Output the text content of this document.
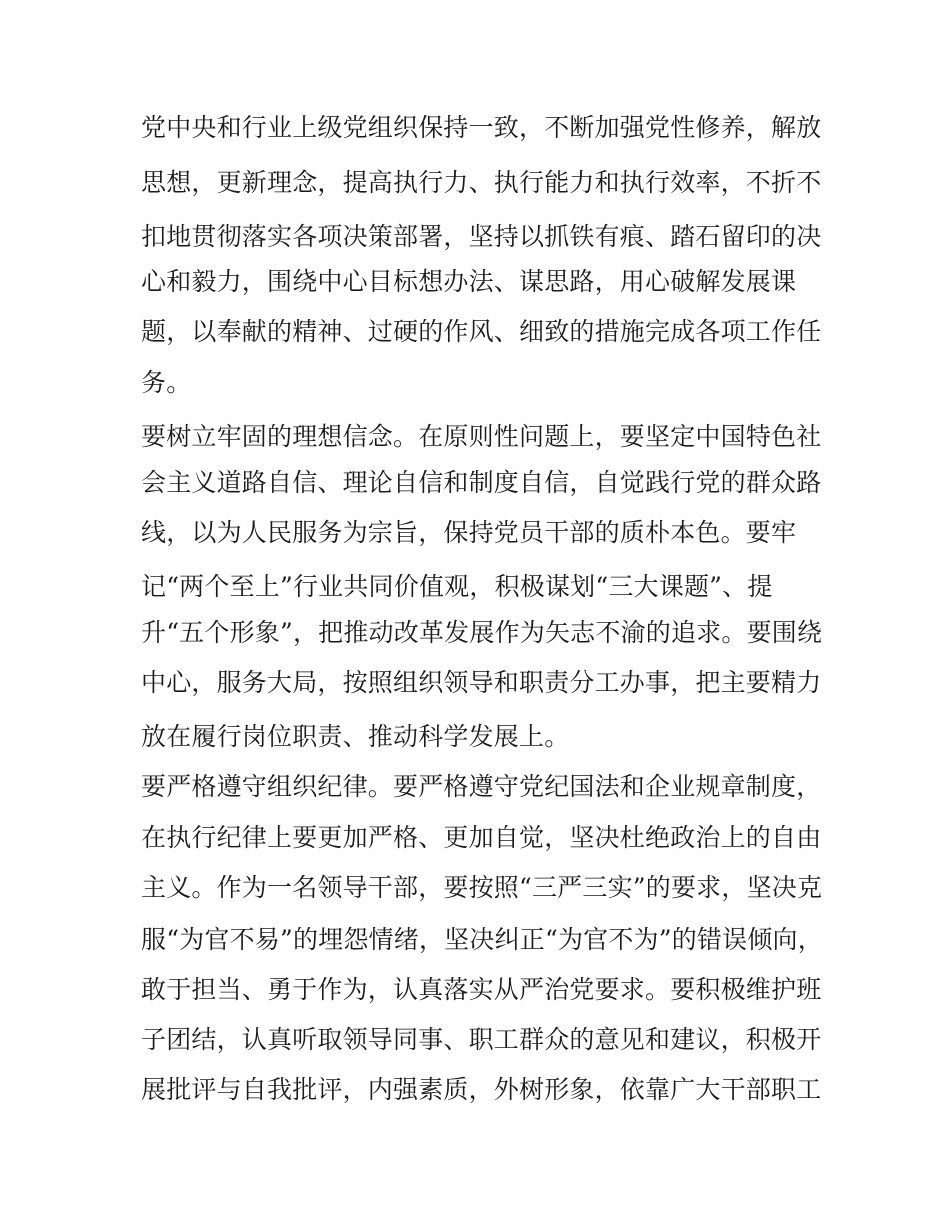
党中央和行业上级党组织保持一致，不断加强党性修养，解放
思想，更新理念，提高执行力、执行能力和执行效率，不折不
扣地贯彻落实各项决策部署，坚持以抓铁有痕、踏石留印的决
心和毅力，围绕中心目标想办法、谋思路，用心破解发展课
题，以奉献的精神、过硬的作风、细致的措施完成各项工作任
务。
要树立牢固的理想信念。在原则性问题上，要坚定中国特色社
会主义道路自信、理论自信和制度自信，自觉践行党的群众路
线，以为人民服务为宗旨，保持党员干部的质朴本色。要牢
记“两个至上”行业共同价值观，积极谋划“三大课题”、提
升“五个形象”，把推动改革发展作为矢志不渝的追求。要围绕
中心，服务大局，按照组织领导和职责分工办事，把主要精力
放在履行岗位职责、推动科学发展上。
要严格遵守组织纪律。要严格遵守党纪国法和企业规章制度，
在执行纪律上要更加严格、更加自觉，坚决杜绝政治上的自由
主义。作为一名领导干部，要按照“三严三实”的要求，坚决克
服“为官不易”的埋怨情绪，坚决纠正“为官不为”的错误倾向，
敢于担当、勇于作为，认真落实从严治党要求。要积极维护班
子团结，认真听取领导同事、职工群众的意见和建议，积极开
展批评与自我批评，内强素质，外树形象，依靠广大干部职工
